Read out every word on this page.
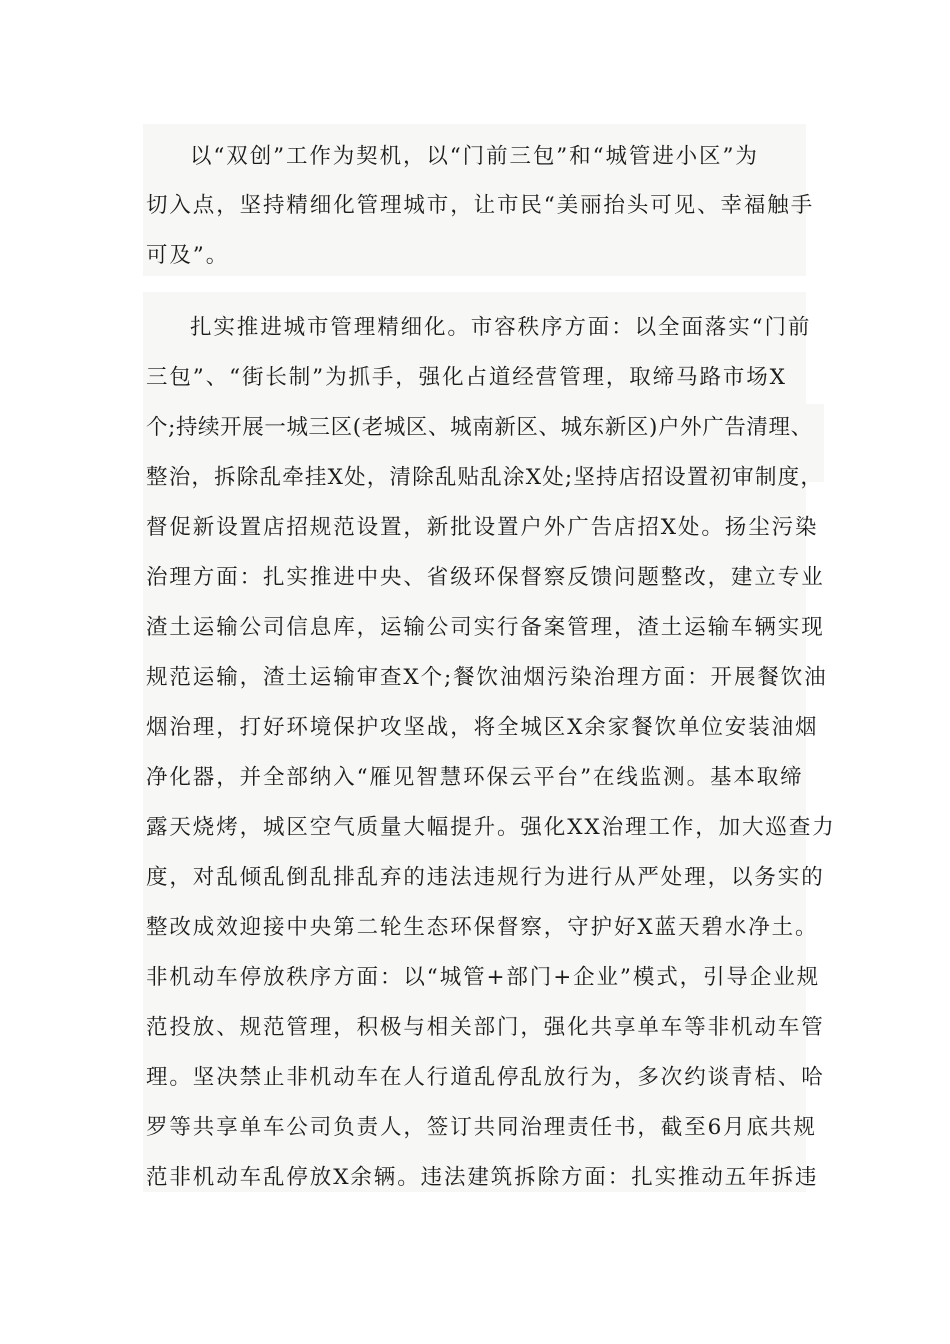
以“双创”工作为契机，以“门前三包”和“城管进小区”为
切入点，坚持精细化管理城市，让市民“美丽抬头可见、幸福触手
可及”。
扎实推进城市管理精细化。市容秩序方面：以全面落实“门前
三包”、“街长制”为抓手，强化占道经营管理，取缔马路市场X
个;持续开展一城三区(老城区、城南新区、城东新区)户外广告清理、
整治，拆除乱牵挂X处，清除乱贴乱涂X处;坚持店招设置初审制度，
督促新设置店招规范设置，新批设置户外广告店招X处。扬尘污染
治理方面：扎实推进中央、省级环保督察反馈问题整改，建立专业
渣土运输公司信息库，运输公司实行备案管理，渣土运输车辆实现
规范运输，渣土运输审查X个;餐饮油烟污染治理方面：开展餐饮油
烟治理，打好环境保护攻坚战，将全城区X余家餐饮单位安装油烟
净化器，并全部纳入“雁见智慧环保云平台”在线监测。基本取缔
露天烧烤，城区空气质量大幅提升。强化XX治理工作，加大巡查力
度，对乱倾乱倒乱排乱弃的违法违规行为进行从严处理，以务实的
整改成效迎接中央第二轮生态环保督察，守护好X蓝天碧水净土。
非机动车停放秩序方面：以“城管+部门+企业”模式，引导企业规
范投放、规范管理，积极与相关部门，强化共享单车等非机动车管
理。坚决禁止非机动车在人行道乱停乱放行为，多次约谈青桔、哈
罗等共享单车公司负责人，签订共同治理责任书，截至6月底共规
范非机动车乱停放X余辆。违法建筑拆除方面：扎实推动五年拆违
